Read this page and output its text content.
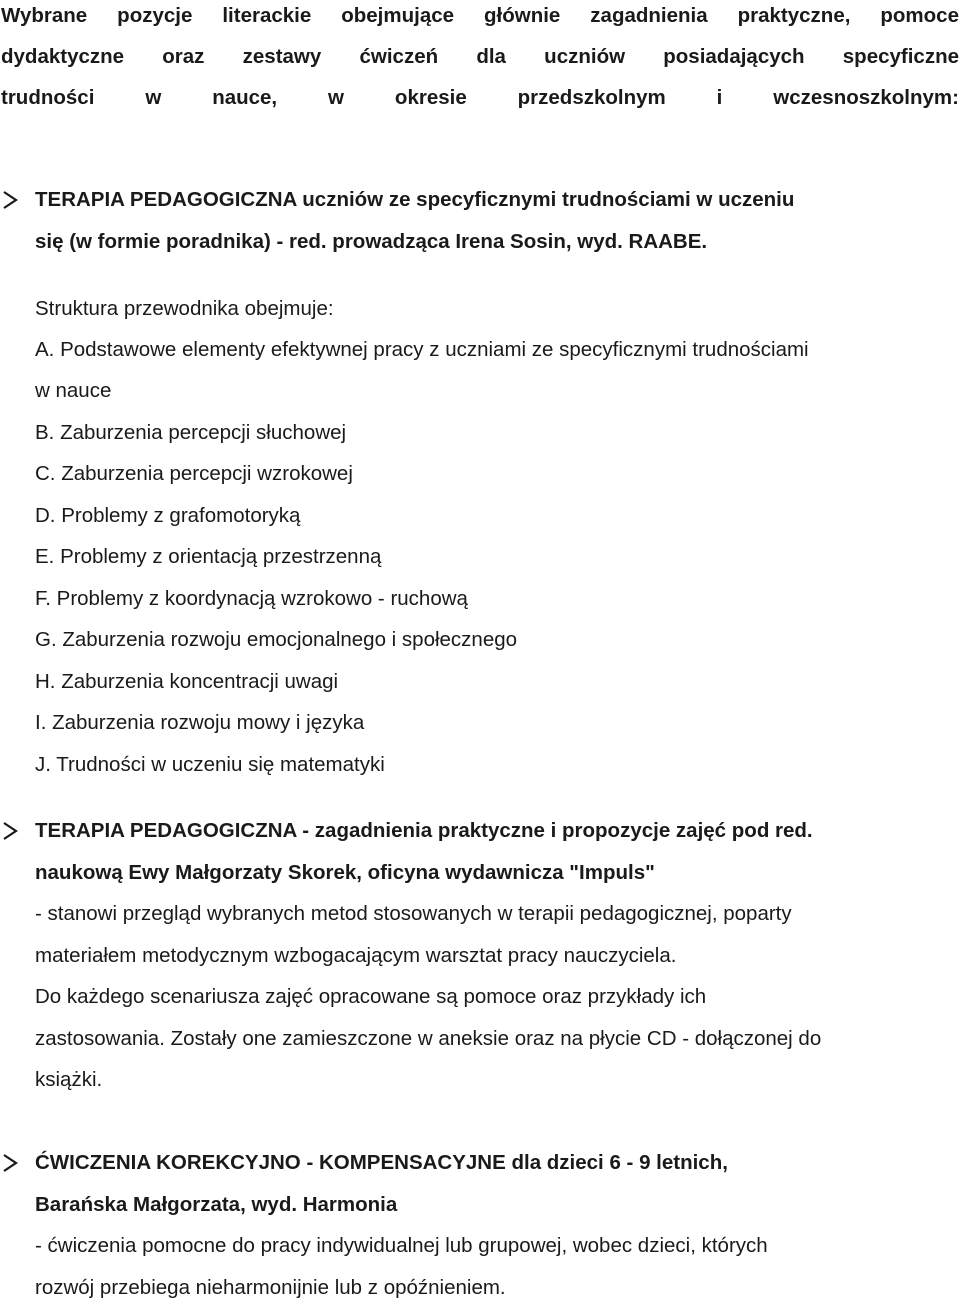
Wybrane pozycje literackie obejmujące głównie zagadnienia praktyczne, pomoce
dydaktyczne oraz zestawy ćwiczeń dla uczniów posiadających specyficzne
trudności w nauce, w okresie przedszkolnym i wczesnoszkolnym:
TERAPIA PEDAGOGICZNA uczniów ze specyficznymi trudnościami w uczeniu
się (w formie poradnika) - red. prowadząca Irena Sosin, wyd. RAABE.
Struktura przewodnika obejmuje:
A. Podstawowe elementy efektywnej pracy z uczniami ze specyficznymi trudnościami
w nauce
B. Zaburzenia percepcji słuchowej
C. Zaburzenia percepcji wzrokowej
D. Problemy z grafomotoryką
E. Problemy z orientacją przestrzenną
F. Problemy z koordynacją wzrokowo - ruchową
G. Zaburzenia rozwoju emocjonalnego i społecznego
H. Zaburzenia koncentracji uwagi
I. Zaburzenia rozwoju mowy i języka
J. Trudności w uczeniu się matematyki
TERAPIA PEDAGOGICZNA - zagadnienia praktyczne i propozycje zajęć pod red.
naukową Ewy Małgorzaty Skorek, oficyna wydawnicza "Impuls"
- stanowi przegląd wybranych metod stosowanych w terapii pedagogicznej, poparty
materiałem metodycznym wzbogacającym warsztat pracy nauczyciela.
Do każdego scenariusza zajęć opracowane są pomoce oraz przykłady ich
zastosowania. Zostały one zamieszczone w aneksie oraz na płycie CD - dołączonej do
książki.
ĆWICZENIA KOREKCYJNO - KOMPENSACYJNE dla dzieci 6 - 9 letnich,
Barańska Małgorzata, wyd. Harmonia
- ćwiczenia pomocne do pracy indywidualnej lub grupowej, wobec dzieci, których
rozwój przebiega nieharmonijnie lub z opóźnieniem.
